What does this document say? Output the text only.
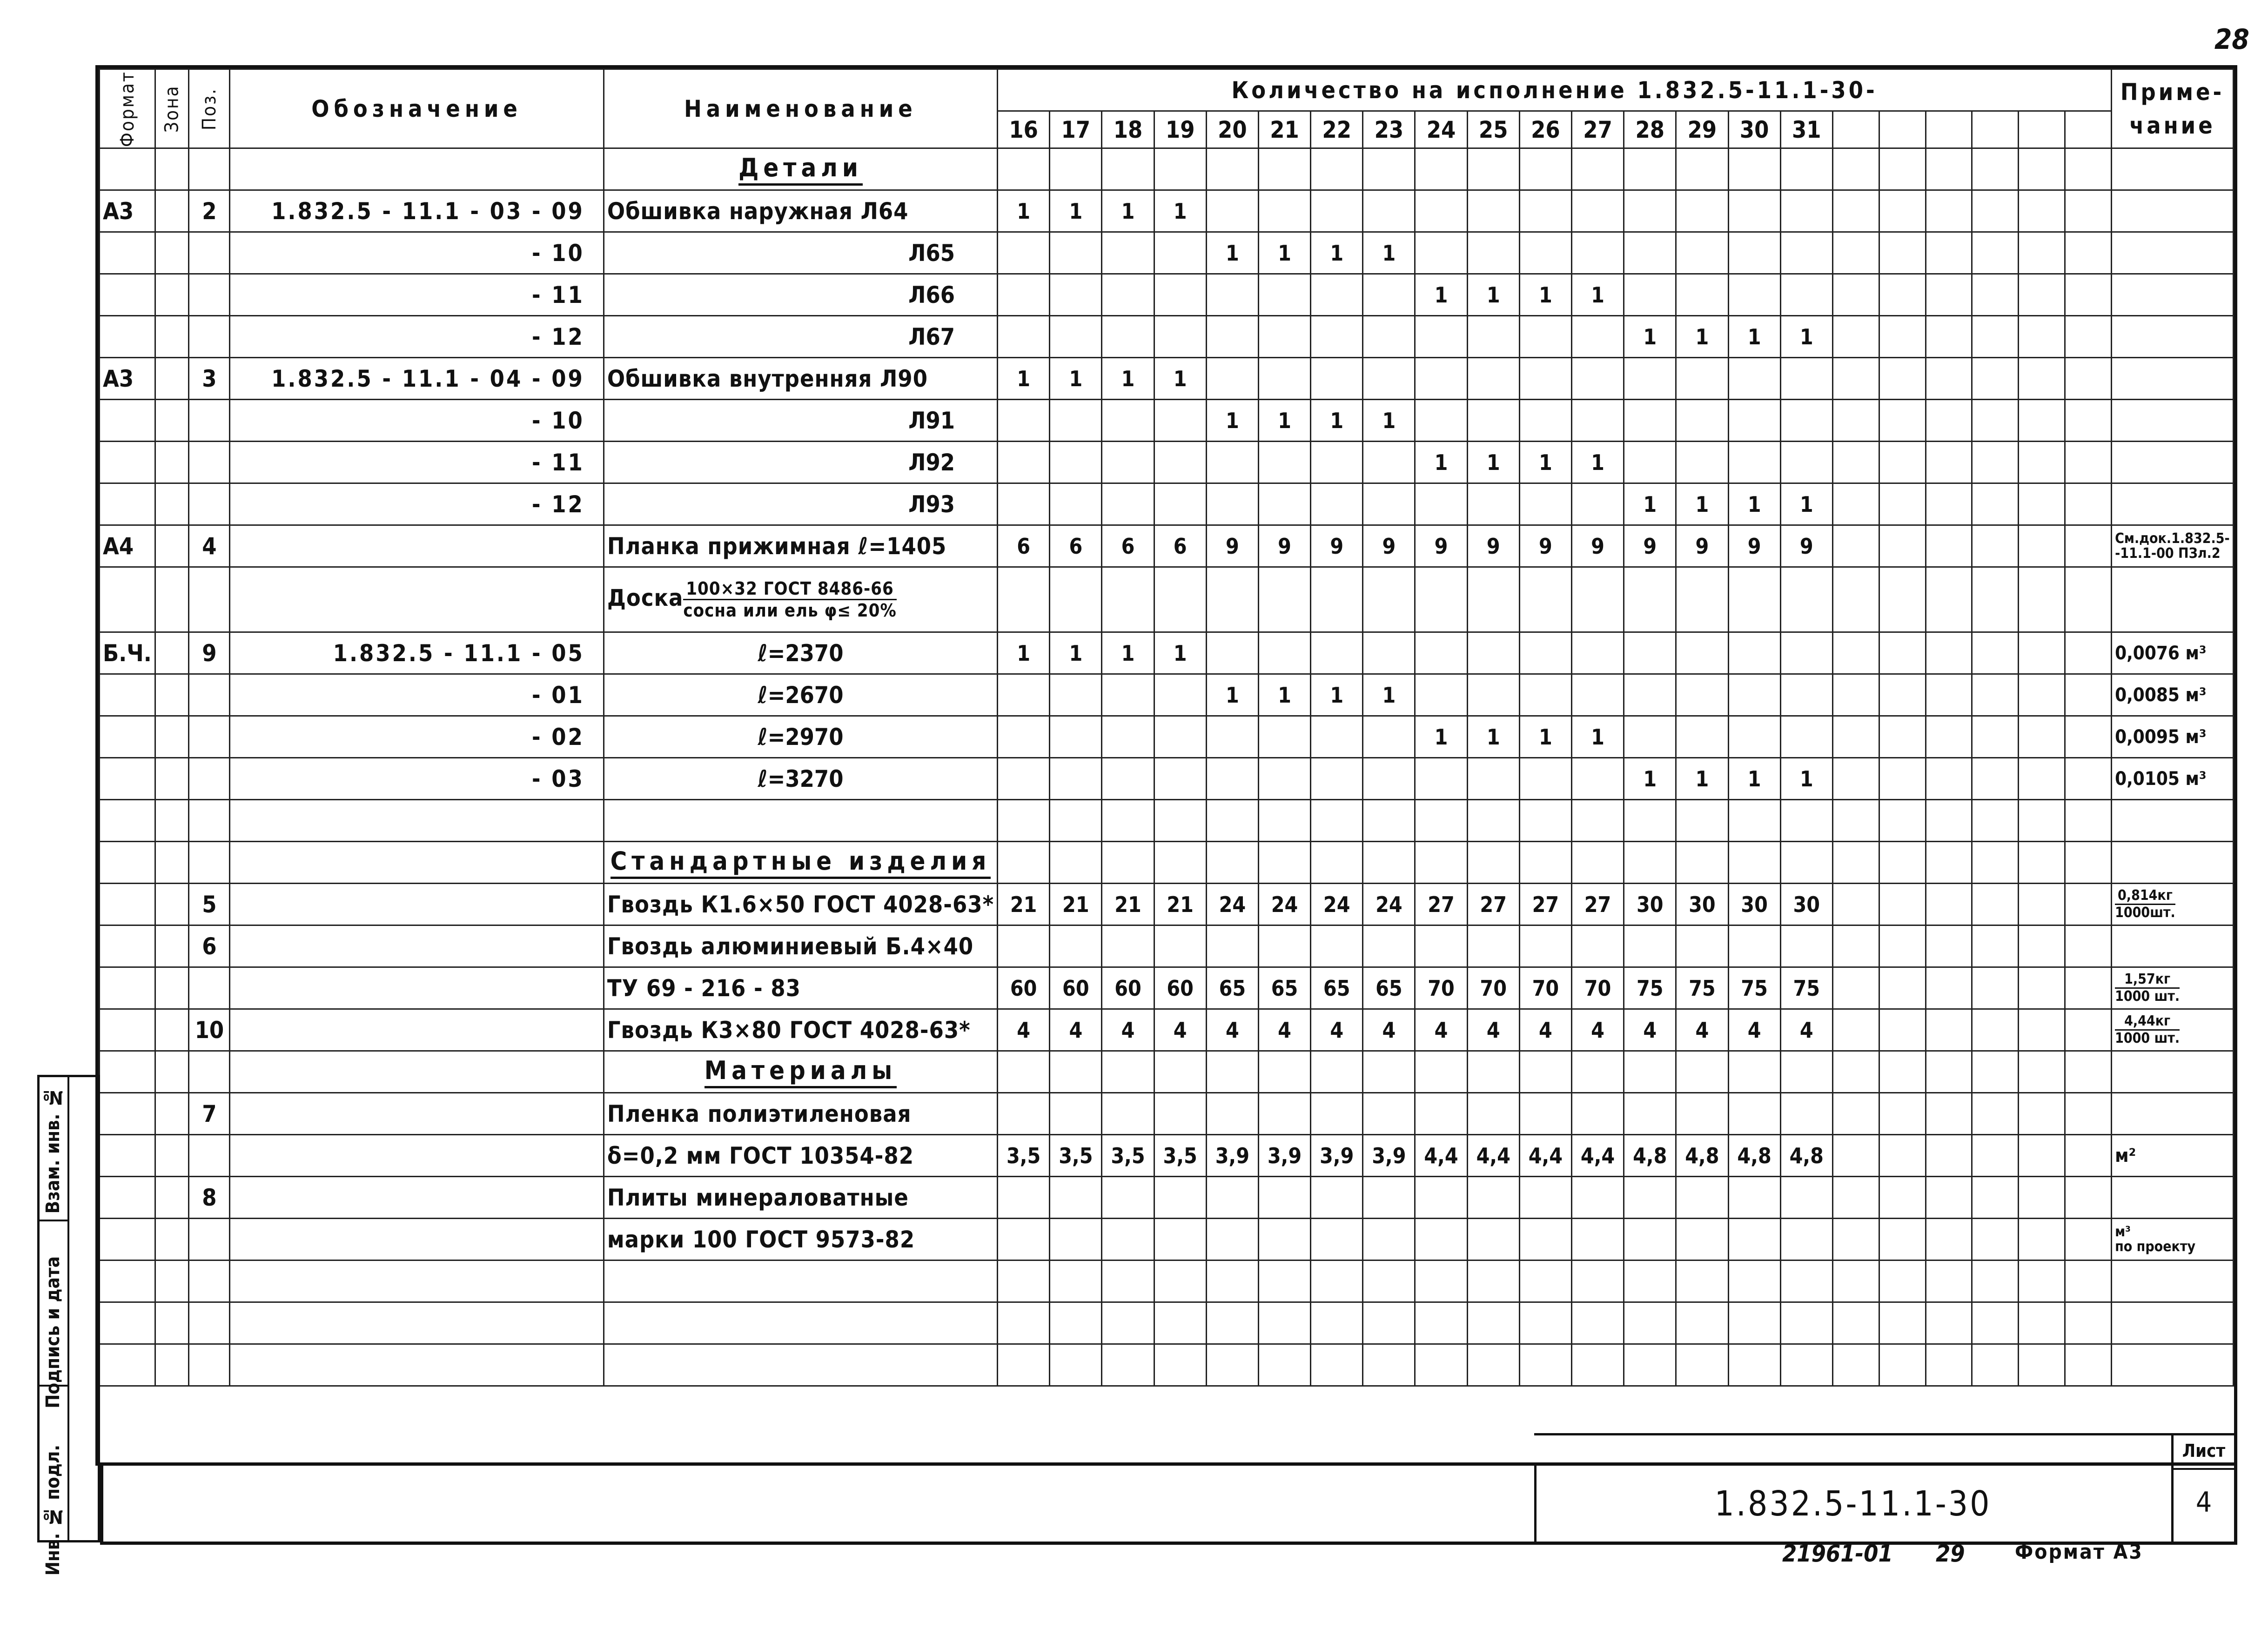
28
Формат	Зона	Поз.	Обозначение	Наименование	Количество на исполнение 1.832.5-11.1-30-																						Приме-
чание

					16	17	18	19	20	21	22	23	24	25	26	27	28	29	30	31							
				Детали																							
А3		2	1.832.5 - 11.1 - 03 - 09	Обшивка наружная Л64	1	1	1	1																			
			- 10	Л65					1	1	1	1															
			- 11	Л66									1	1	1	1											
			- 12	Л67													1	1	1	1							
А3		3	1.832.5 - 11.1 - 04 - 09	Обшивка внутренняя Л90	1	1	1	1																			
			- 10	Л91					1	1	1	1															
			- 11	Л92									1	1	1	1											
			- 12	Л93													1	1	1	1							
А4		4		Планка прижимная ℓ=1405	6	6	6	6	9	9	9	9	9	9	9	9	9	9	9	9							См.док.1.832.5-
-11.1-00 ПЗл.2

				Доска $\frac{\text{100×32 ГОСТ 8486-66}}{\text{сосна или ель φ≤ 20\%}}$																							
Б.Ч.		9	1.832.5 - 11.1 - 05	ℓ=2370	1	1	1	1																			0,0076 м³
			- 01	ℓ=2670					1	1	1	1															0,0085 м³
			- 02	ℓ=2970									1	1	1	1											0,0095 м³
			- 03	ℓ=3270													1	1	1	1							0,0105 м³

				Стандартные изделия																							
		5		Гвоздь К1.6×50 ГОСТ 4028-63*	21	21	21	21	24	24	24	24	27	27	27	27	30	30	30	30							$\frac{0,814кг}{1000шт.}$
		6		Гвоздь алюминиевый Б.4×40																							
				ТУ 69 - 216 - 83	60	60	60	60	65	65	65	65	70	70	70	70	75	75	75	75							$\frac{1,57кг}{1000 шт.}$
		10		Гвоздь К3×80 ГОСТ 4028-63*	4	4	4	4	4	4	4	4	4	4	4	4	4	4	4	4							$\frac{4,44кг}{1000 шт.}$
				Материалы																							
		7		Пленка полиэтиленовая																							
				δ=0,2 мм ГОСТ 10354-82	3,5	3,5	3,5	3,5	3,9	3,9	3,9	3,9	4,4	4,4	4,4	4,4	4,8	4,8	4,8	4,8							м²
		8		Плиты минераловатные																							
				марки 100 ГОСТ 9573-82																							м³
по проекту

Инв. № подл.
Подпись и дата
Взам. инв. №
1.832.5-11.1-30
Лист
4
21961-01 29 Формат А3
